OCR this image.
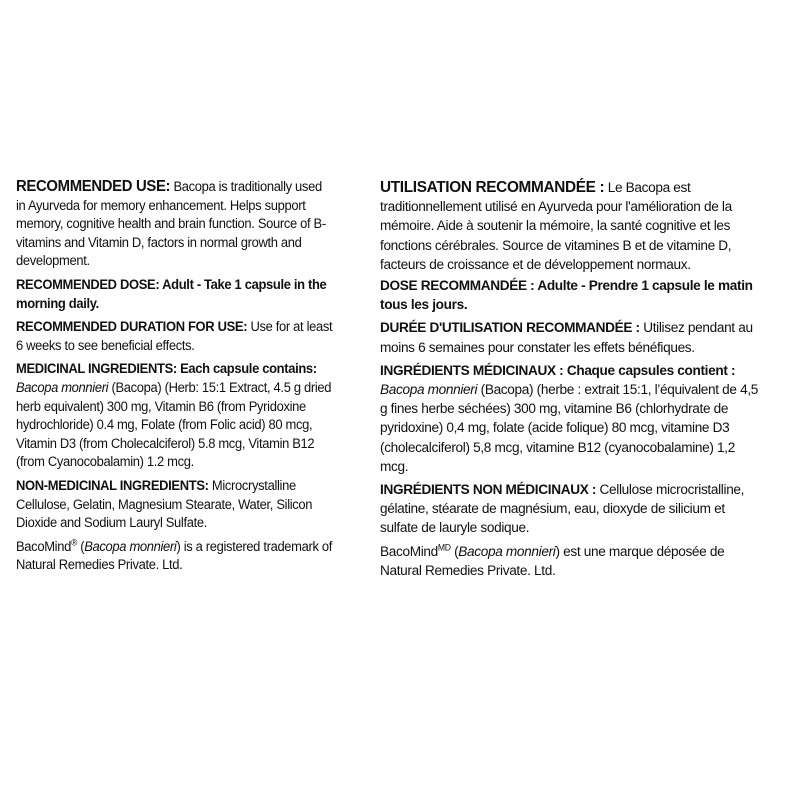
RECOMMENDED USE: Bacopa is traditionally used in Ayurveda for memory enhancement. Helps support memory, cognitive health and brain function. Source of B-vitamins and Vitamin D, factors in normal growth and development.
RECOMMENDED DOSE: Adult - Take 1 capsule in the morning daily.
RECOMMENDED DURATION FOR USE: Use for at least 6 weeks to see beneficial effects.
MEDICINAL INGREDIENTS: Each capsule contains:
Bacopa monnieri (Bacopa) (Herb: 15:1 Extract, 4.5 g dried herb equivalent) 300 mg, Vitamin B6 (from Pyridoxine hydrochloride) 0.4 mg, Folate (from Folic acid) 80 mcg, Vitamin D3 (from Cholecalciferol) 5.8 mcg, Vitamin B12 (from Cyanocobalamin) 1.2 mcg.
NON-MEDICINAL INGREDIENTS: Microcrystalline Cellulose, Gelatin, Magnesium Stearate, Water, Silicon Dioxide and Sodium Lauryl Sulfate.
BacoMind® (Bacopa monnieri) is a registered trademark of Natural Remedies Private. Ltd.
UTILISATION RECOMMANDÉE : Le Bacopa est traditionnellement utilisé en Ayurveda pour l'amélioration de la mémoire. Aide à soutenir la mémoire, la santé cognitive et les fonctions cérébrales. Source de vitamines B et de vitamine D, facteurs de croissance et de développement normaux.
DOSE RECOMMANDÉE : Adulte - Prendre 1 capsule le matin tous les jours.
DURÉE D'UTILISATION RECOMMANDÉE : Utilisez pendant au moins 6 semaines pour constater les effets bénéfiques.
INGRÉDIENTS MÉDICINAUX : Chaque capsules contient :
Bacopa monnieri (Bacopa) (herbe : extrait 15:1, l’équivalent de 4,5 g fines herbe séchées) 300 mg, vitamine B6 (chlorhydrate de pyridoxine) 0,4 mg, folate (acide folique) 80 mcg, vitamine D3 (cholecalciferol) 5,8 mcg, vitamine B12 (cyanocobalamine) 1,2 mcg.
INGRÉDIENTS NON MÉDICINAUX : Cellulose microcristalline, gélatine, stéarate de magnésium, eau, dioxyde de silicium et sulfate de lauryle sodique.
BacoMind$^{MD}$ (Bacopa monnieri) est une marque déposée de Natural Remedies Private. Ltd.
